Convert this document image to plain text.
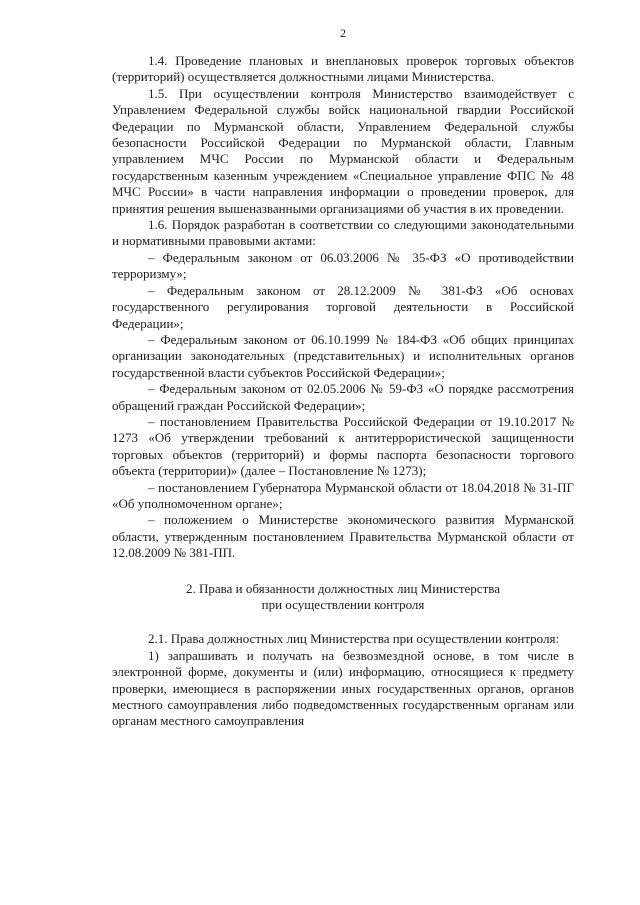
2

1.4. Проведение плановых и внеплановых проверок торговых объектов (территорий) осуществляется должностными лицами Министерства.

1.5. При осуществлении контроля Министерство взаимодействует с Управлением Федеральной службы войск национальной гвардии Российской Федерации по Мурманской области, Управлением Федеральной службы безопасности Российской Федерации по Мурманской области, Главным управлением МЧС России по Мурманской области и Федеральным государственным казенным учреждением «Специальное управление ФПС № 48 МЧС России» в части направления информации о проведении проверок, для принятия решения вышеназванными организациями об участия в их проведении.

1.6. Порядок разработан в соответствии со следующими законодательными и нормативными правовыми актами:

– Федеральным законом от 06.03.2006 № 35-ФЗ «О противодействии терроризму»;

– Федеральным законом от 28.12.2009 № 381-ФЗ «Об основах государственного регулирования торговой деятельности в Российской Федерации»;

– Федеральным законом от 06.10.1999 № 184-ФЗ «Об общих принципах организации законодательных (представительных) и исполнительных органов государственной власти субъектов Российской Федерации»;

– Федеральным законом от 02.05.2006 № 59-ФЗ «О порядке рассмотрения обращений граждан Российской Федерации»;

– постановлением Правительства Российской Федерации от 19.10.2017 № 1273 «Об утверждении требований к антитеррористической защищенности торговых объектов (территорий) и формы паспорта безопасности торгового объекта (территории)» (далее – Постановление № 1273);

– постановлением Губернатора Мурманской области от 18.04.2018 № 31-ПГ «Об уполномоченном органе»;

– положением о Министерстве экономического развития Мурманской области, утвержденным постановлением Правительства Мурманской области от 12.08.2009 № 381-ПП.

2. Права и обязанности должностных лиц Министерства
при осуществлении контроля

2.1. Права должностных лиц Министерства при осуществлении контроля:

1) запрашивать и получать на безвозмездной основе, в том числе в электронной форме, документы и (или) информацию, относящиеся к предмету проверки, имеющиеся в распоряжении иных государственных органов, органов местного самоуправления либо подведомственных государственным органам или органам местного самоуправления
